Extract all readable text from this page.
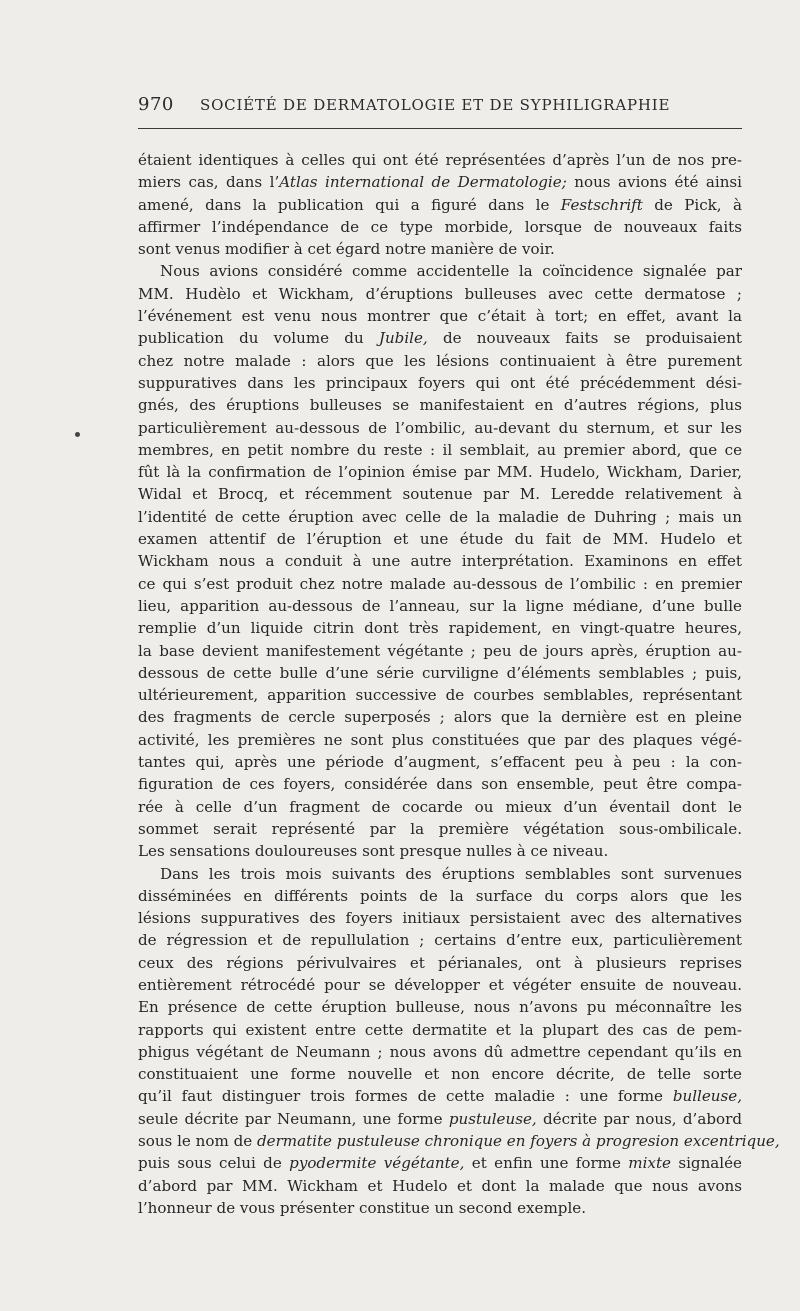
970 SOCIÉTÉ DE DERMATOLOGIE ET DE SYPHILIGRAPHIE
étaient identiques à celles qui ont été représentées d’après l’un de nos pre-
miers cas, dans l’Atlas international de Dermatologie; nous avions été ainsi
amené, dans la publication qui a figuré dans le Festschrift de Pick, à
affirmer l’indépendance de ce type morbide, lorsque de nouveaux faits
sont venus modifier à cet égard notre manière de voir.
Nous avions considéré comme accidentelle la coïncidence signalée par
MM. Hudèlo et Wickham, d’éruptions bulleuses avec cette dermatose ;
l’événement est venu nous montrer que c’était à tort; en effet, avant la
publication du volume du Jubile, de nouveaux faits se produisaient
chez notre malade : alors que les lésions continuaient à être purement
suppuratives dans les principaux foyers qui ont été précédemment dési-
gnés, des éruptions bulleuses se manifestaient en d’autres régions, plus
particulièrement au-dessous de l’ombilic, au-devant du sternum, et sur les
membres, en petit nombre du reste : il semblait, au premier abord, que ce
fût là la confirmation de l’opinion émise par MM. Hudelo, Wickham, Darier,
Widal et Brocq, et récemment soutenue par M. Leredde relativement à
l’identité de cette éruption avec celle de la maladie de Duhring ; mais un
examen attentif de l’éruption et une étude du fait de MM. Hudelo et
Wickham nous a conduit à une autre interprétation. Examinons en effet
ce qui s’est produit chez notre malade au-dessous de l’ombilic : en premier
lieu, apparition au-dessous de l’anneau, sur la ligne médiane, d’une bulle
remplie d’un liquide citrin dont très rapidement, en vingt-quatre heures,
la base devient manifestement végétante ; peu de jours après, éruption au-
dessous de cette bulle d’une série curviligne d’éléments semblables ; puis,
ultérieurement, apparition successive de courbes semblables, représentant
des fragments de cercle superposés ; alors que la dernière est en pleine
activité, les premières ne sont plus constituées que par des plaques végé-
tantes qui, après une période d’augment, s’effacent peu à peu : la con-
figuration de ces foyers, considérée dans son ensemble, peut être compa-
rée à celle d’un fragment de cocarde ou mieux d’un éventail dont le
sommet serait représenté par la première végétation sous-ombilicale.
Les sensations douloureuses sont presque nulles à ce niveau.
Dans les trois mois suivants des éruptions semblables sont survenues
disséminées en différents points de la surface du corps alors que les
lésions suppuratives des foyers initiaux persistaient avec des alternatives
de régression et de repullulation ; certains d’entre eux, particulièrement
ceux des régions périvulvaires et périanales, ont à plusieurs reprises
entièrement rétrocédé pour se développer et végéter ensuite de nouveau.
En présence de cette éruption bulleuse, nous n’avons pu méconnaître les
rapports qui existent entre cette dermatite et la plupart des cas de pem-
phigus végétant de Neumann ; nous avons dû admettre cependant qu’ils en
constituaient une forme nouvelle et non encore décrite, de telle sorte
qu’il faut distinguer trois formes de cette maladie : une forme bulleuse,
seule décrite par Neumann, une forme pustuleuse, décrite par nous, d’abord
sous le nom de dermatite pustuleuse chronique en foyers à progresion excentrique,
puis sous celui de pyodermite végétante, et enfin une forme mixte signalée
d’abord par MM. Wickham et Hudelo et dont la malade que nous avons
l’honneur de vous présenter constitue un second exemple.
